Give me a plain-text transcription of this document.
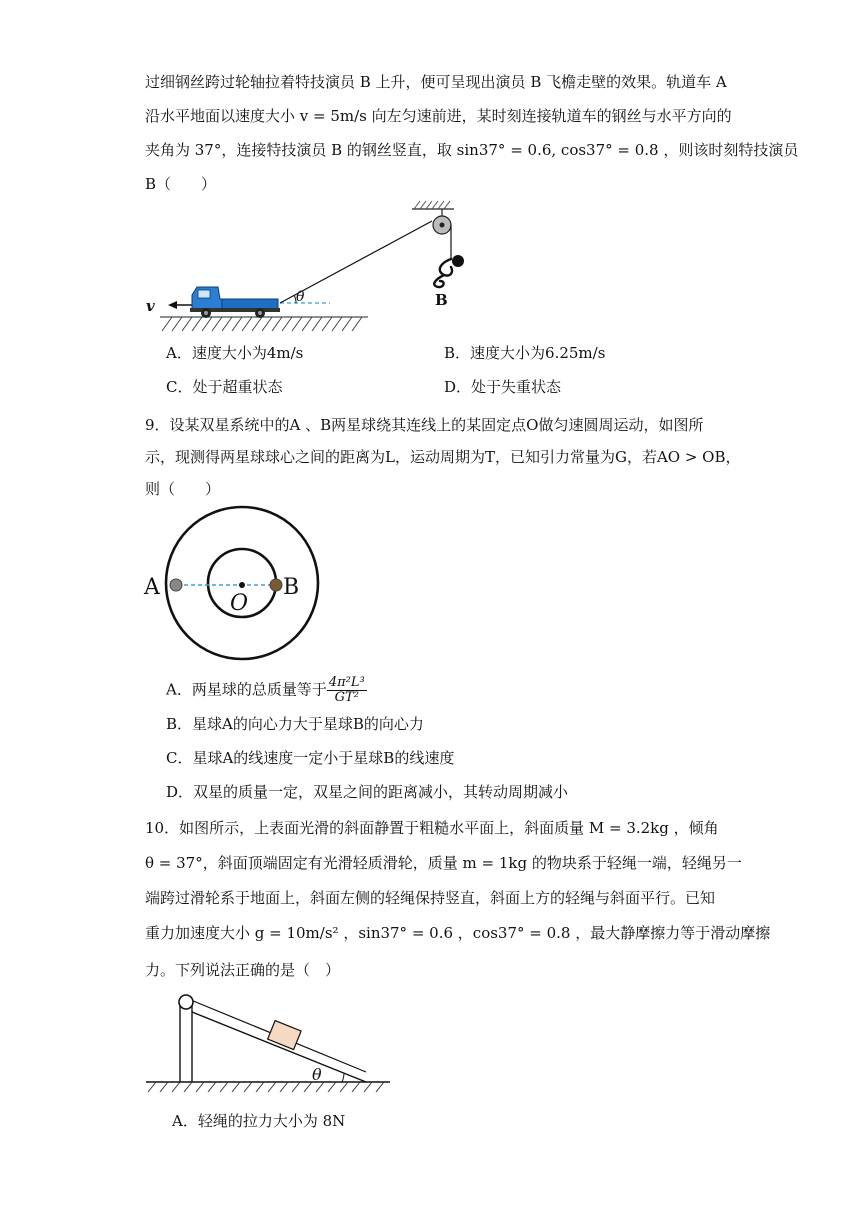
过细钢丝跨过轮轴拉着特技演员 B 上升，便可呈现出演员 B 飞檐走壁的效果。轨道车 A
沿水平地面以速度大小 v = 5m/s 向左匀速前进，某时刻连接轨道车的钢丝与水平方向的
夹角为 37°，连接特技演员 B 的钢丝竖直，取 sin37° = 0.6, cos37° = 0.8 ，则该时刻特技演员
B（　　）
v	θ	B
A．速度大小为4m/s	B．速度大小为6.25m/s
C．处于超重状态	D．处于失重状态
9．设某双星系统中的A 、B两星球绕其连线上的某固定点O做匀速圆周运动，如图所
示，现测得两星球球心之间的距离为L，运动周期为T，已知引力常量为G，若AO > OB，
则（　　）
A	B
O
A．两星球的总质量等于 $\frac{\text{4π²L³}}{\text{GT²}}$
B．星球A的向心力大于星球B的向心力
C．星球A的线速度一定小于星球B的线速度
D．双星的质量一定，双星之间的距离减小，其转动周期减小
10．如图所示，上表面光滑的斜面静置于粗糙水平面上，斜面质量 M = 3.2kg ，倾角
θ = 37°，斜面顶端固定有光滑轻质滑轮，质量 m = 1kg 的物块系于轻绳一端，轻绳另一
端跨过滑轮系于地面上，斜面左侧的轻绳保持竖直，斜面上方的轻绳与斜面平行。已知
重力加速度大小 g = 10m/s² ，sin37° = 0.6 ，cos37° = 0.8 ，最大静摩擦力等于滑动摩擦
力。下列说法正确的是（　）
θ
A．轻绳的拉力大小为 8N
